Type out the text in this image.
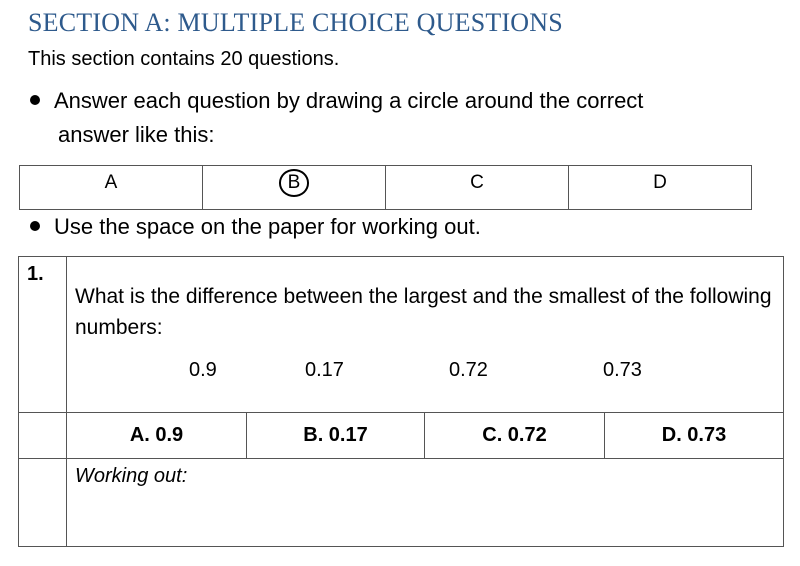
SECTION A: MULTIPLE CHOICE QUESTIONS
This section contains 20 questions.
Answer each question by drawing a circle around the correct
answer like this:
A	B	C	D
Use the space on the paper for working out.
1.	What is the difference between the largest and the smallest of the following numbers:
0.9 0.17 0.72 0.73			

	A. 0.9	B. 0.17	C. 0.72	D. 0.73
	Working out:			
